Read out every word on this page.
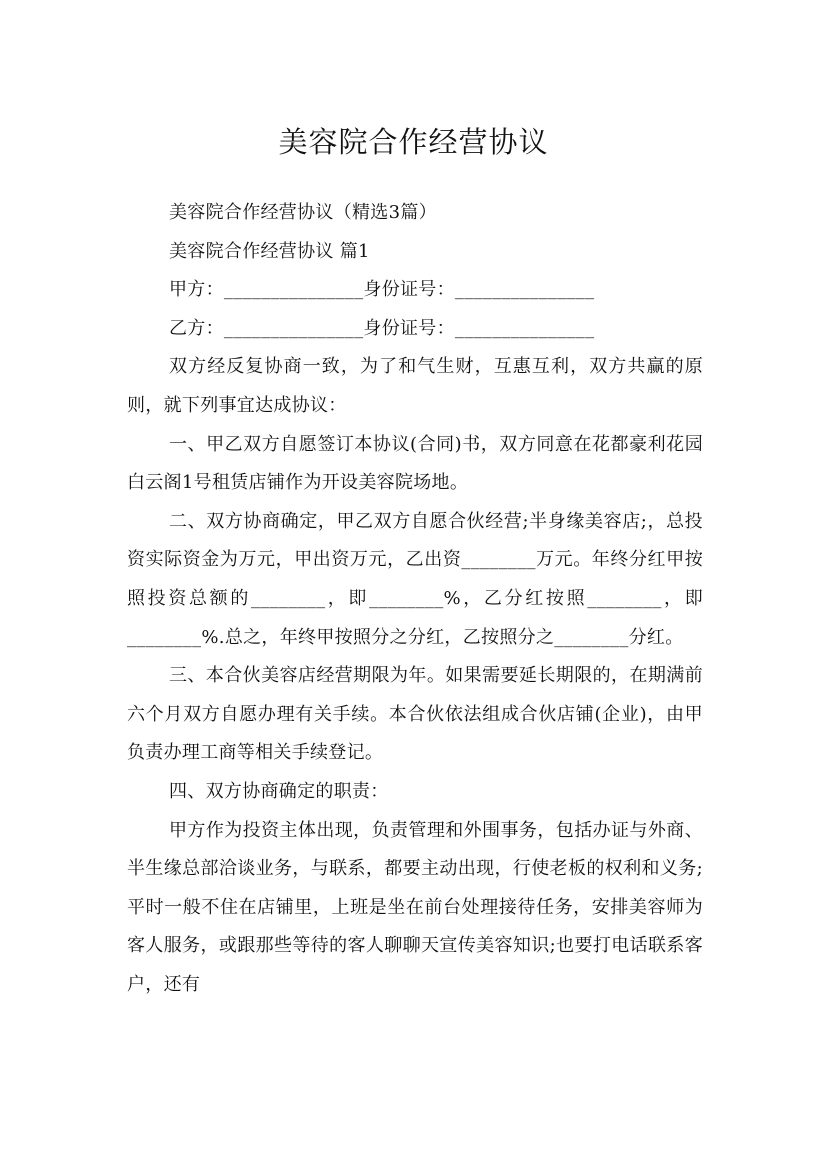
美容院合作经营协议

美容院合作经营协议（精选3篇）

美容院合作经营协议 篇1

甲方：_______________身份证号：_______________

乙方：_______________身份证号：_______________

双方经反复协商一致，为了和气生财，互惠互利，双方共赢的原则，就下列事宜达成协议：

一、甲乙双方自愿签订本协议(合同)书，双方同意在花都豪利花园白云阁1号租赁店铺作为开设美容院场地。

二、双方协商确定，甲乙双方自愿合伙经营;半身缘美容店;，总投资实际资金为万元，甲出资万元，乙出资________万元。年终分红甲按照投资总额的________，即________%，乙分红按照________，即________%.总之，年终甲按照分之分红，乙按照分之________分红。

三、本合伙美容店经营期限为年。如果需要延长期限的，在期满前六个月双方自愿办理有关手续。本合伙依法组成合伙店铺(企业)，由甲负责办理工商等相关手续登记。

四、双方协商确定的职责：

甲方作为投资主体出现，负责管理和外围事务，包括办证与外商、半生缘总部洽谈业务，与联系，都要主动出现，行使老板的权利和义务;平时一般不住在店铺里，上班是坐在前台处理接待任务，安排美容师为客人服务，或跟那些等待的客人聊聊天宣传美容知识;也要打电话联系客户，还有
